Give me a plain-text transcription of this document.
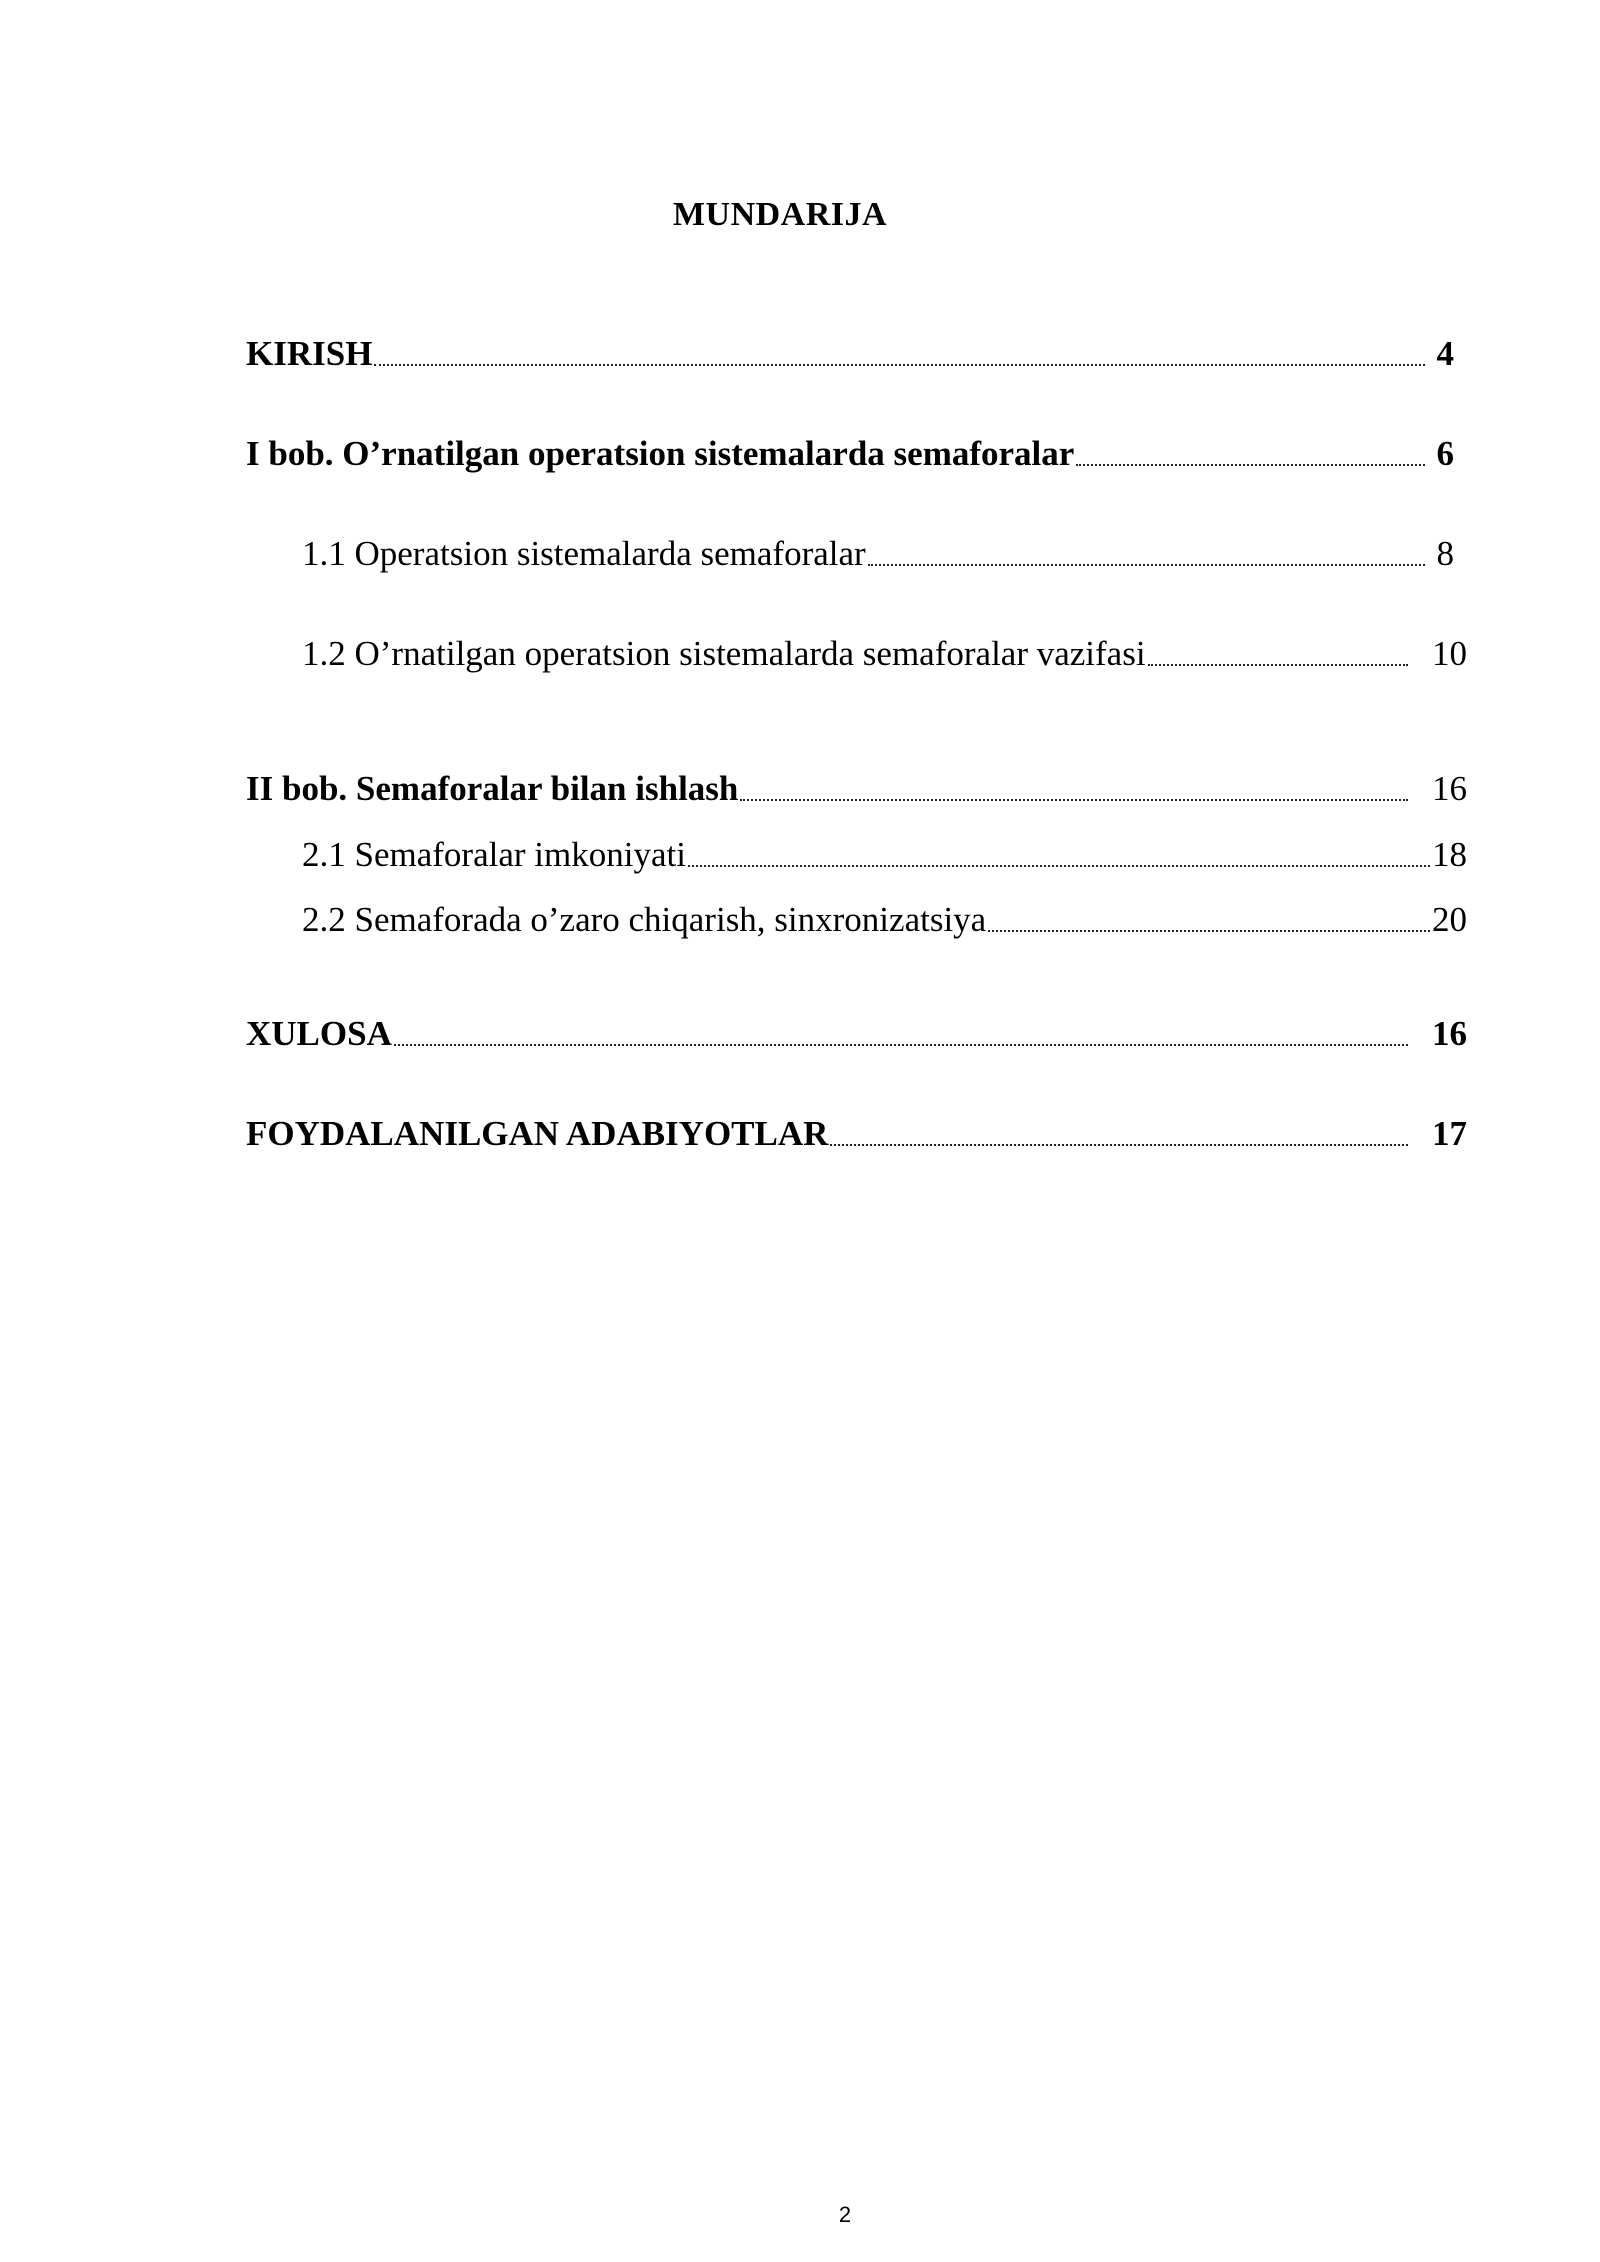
MUNDARIJA
KIRISH	4
I bob. O’rnatilgan operatsion sistemalarda semaforalar	6
1.1 Operatsion sistemalarda semaforalar	8
1.2 O’rnatilgan operatsion sistemalarda semaforalar vazifasi	10
II bob. Semaforalar bilan ishlash	16
2.1 Semaforalar imkoniyati	18
2.2 Semaforada o’zaro chiqarish, sinxronizatsiya	20
XULOSA	16
FOYDALANILGAN ADABIYOTLAR	17
2
